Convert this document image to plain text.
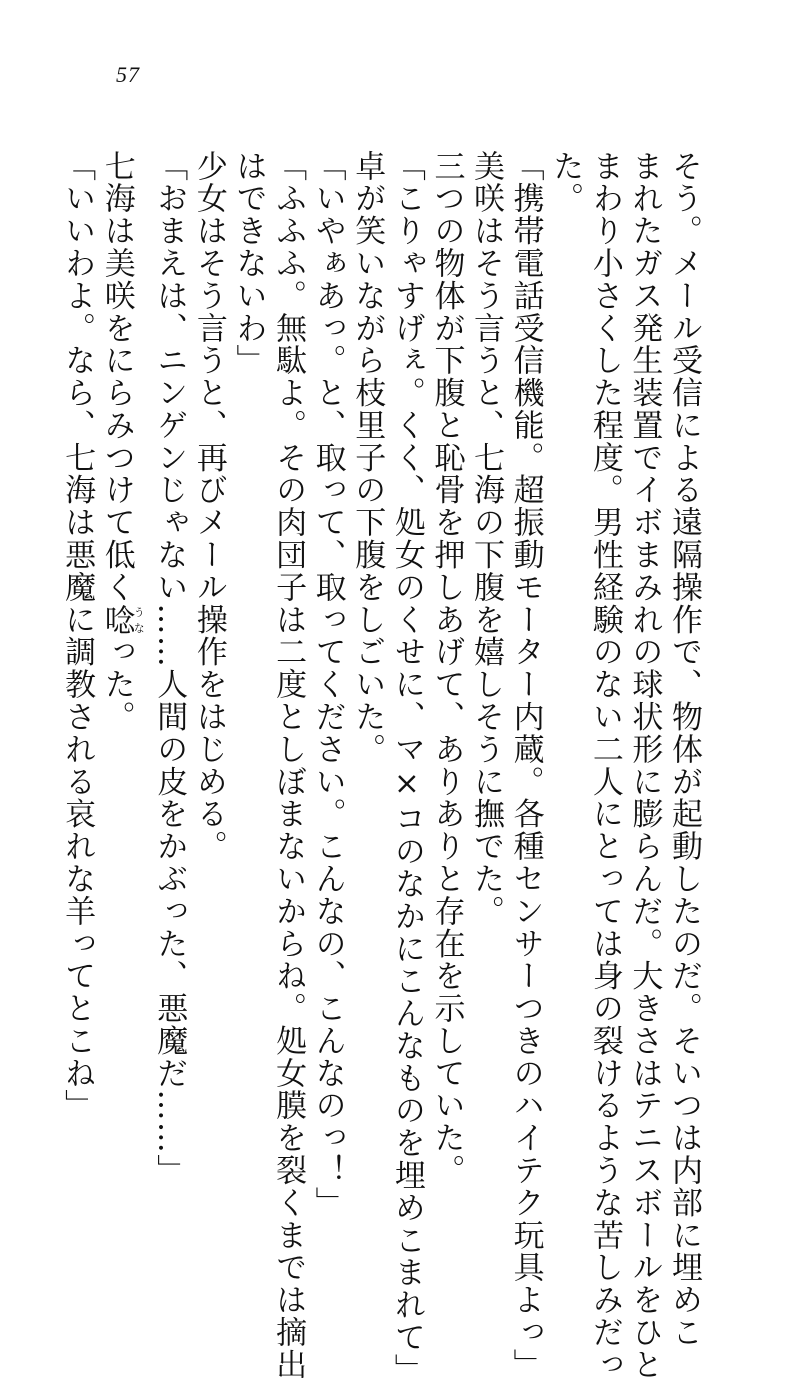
57
そう。メール受信による遠隔操作で、物体が起動したのだ。そいつは内部に埋めこ
まれたガス発生装置でイボまみれの球状形に膨らんだ。大きさはテニスボールをひと
まわり小さくした程度。男性経験のない二人にとっては身の裂けるような苦しみだっ
た。
「携帯電話受信機能。超振動モーター内蔵。各種センサーつきのハイテク玩具よっ」
美咲はそう言うと、七海の下腹を嬉しそうに撫でた。
三つの物体が下腹と恥骨を押しあげて、ありありと存在を示していた。
「こりゃすげぇ。くく、処女のくせに、マ×コのなかにこんなものを埋めこまれて」
卓が笑いながら枝里子の下腹をしごいた。
「いやぁあっ。と、取って、取ってください。こんなの、こんなのっ！」
「ふふふ。無駄よ。その肉団子は二度としぼまないからね。処女膜を裂くまでは摘出
はできないわ」
少女はそう言うと、再びメール操作をはじめる。
「おまえは、ニンゲンじゃない……人間の皮をかぶった、悪魔だ……」
七海は美咲をにらみつけて低く唸うなった。
「いいわよ。なら、七海は悪魔に調教される哀れな羊ってとこね」
